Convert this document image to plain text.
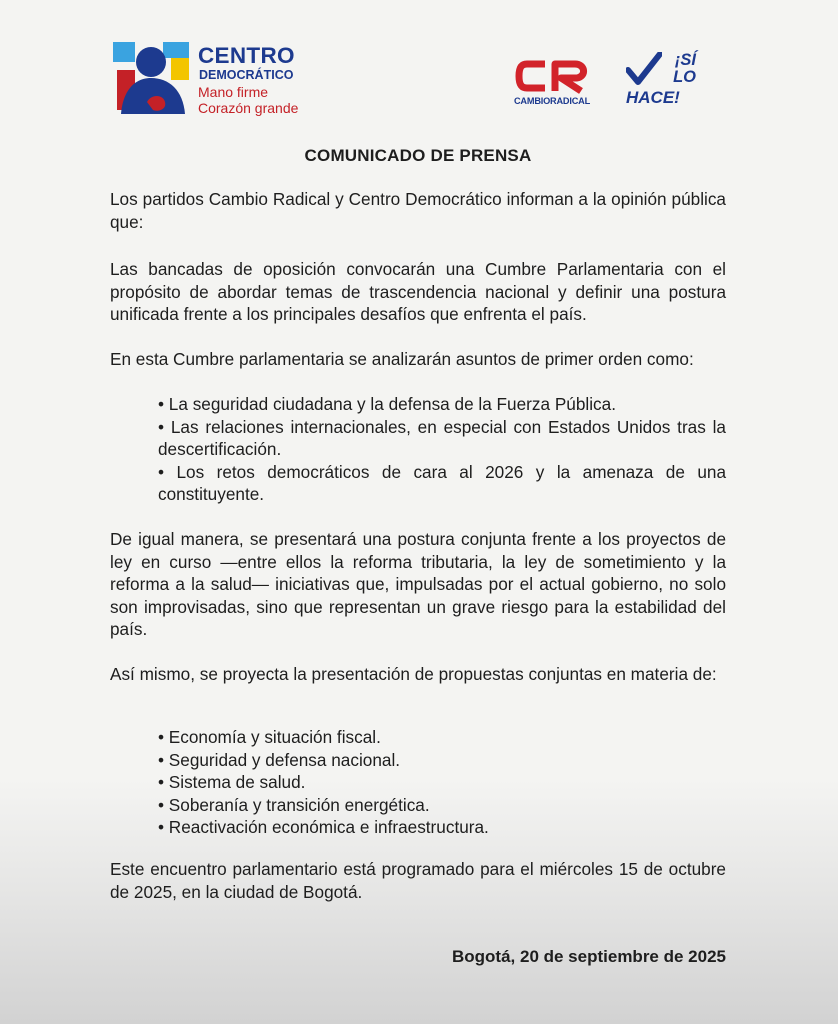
CENTRO
DEMOCRÁTICO
Mano firme
Corazón grande	CAMBIORADICAL
¡SÍ
LO
HACE!
COMUNICADO DE PRENSA
Los partidos Cambio Radical y Centro Democrático informan a la opinión pública que:
Las bancadas de oposición convocarán una Cumbre Parlamentaria con el propósito de abordar temas de trascendencia nacional y definir una postura unificada frente a los principales desafíos que enfrenta el país.
En esta Cumbre parlamentaria se analizarán asuntos de primer orden como:
• La seguridad ciudadana y la defensa de la Fuerza Pública.
• Las relaciones internacionales, en especial con Estados Unidos tras la descertificación.
• Los retos democráticos de cara al 2026 y la amenaza de una constituyente.
De igual manera, se presentará una postura conjunta frente a los proyectos de ley en curso —entre ellos la reforma tributaria, la ley de sometimiento y la reforma a la salud— iniciativas que, impulsadas por el actual gobierno, no solo son improvisadas, sino que representan un grave riesgo para la estabilidad del país.
Así mismo, se proyecta la presentación de propuestas conjuntas en materia de:
• Economía y situación fiscal.
• Seguridad y defensa nacional.
• Sistema de salud.
• Soberanía y transición energética.
• Reactivación económica e infraestructura.
Este encuentro parlamentario está programado para el miércoles 15 de octubre de 2025, en la ciudad de Bogotá.
Bogotá, 20 de septiembre de 2025
